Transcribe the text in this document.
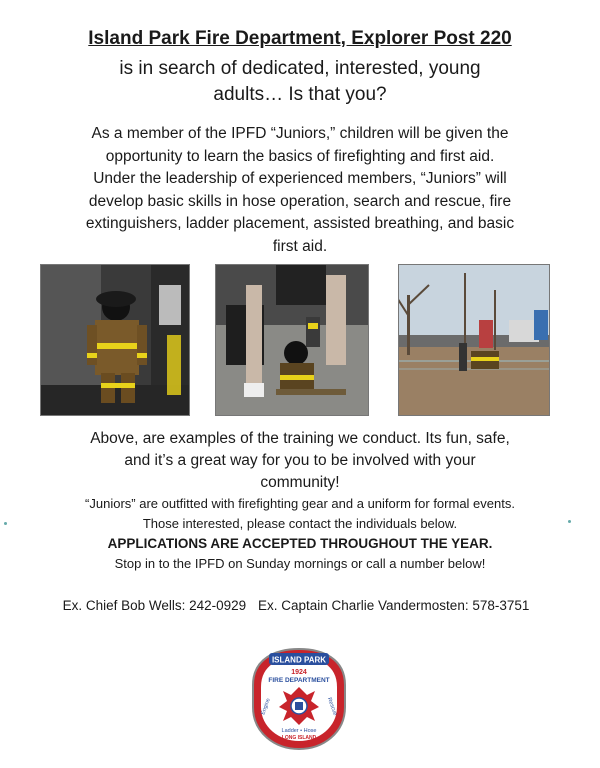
Island Park Fire Department, Explorer Post 220
is in search of dedicated, interested, young
adults… Is that you?
As a member of the IPFD “Juniors,” children will be given the
opportunity to learn the basics of firefighting and first aid.
Under the leadership of experienced members, “Juniors” will
develop basic skills in hose operation, search and rescue, fire
extinguishers, ladder placement, assisted breathing, and basic
first aid.
Above, are examples of the training we conduct. Its fun, safe,
and it’s a great way for you to be involved with your
community!
“Juniors” are outfitted with firefighting gear and a uniform for formal events.
Those interested, please contact the individuals below.
APPLICATIONS ARE ACCEPTED THROUGHOUT THE YEAR.
Stop in to the IPFD on Sunday mornings or call a number below!
Ex. Chief Bob Wells: 242-0929 Ex. Captain Charlie Vandermosten: 578-3751
ISLAND PARK
1924
FIRE DEPARTMENT
Engine	Rescue
Ladder • Hose
LONG ISLAND
NEW YORK
